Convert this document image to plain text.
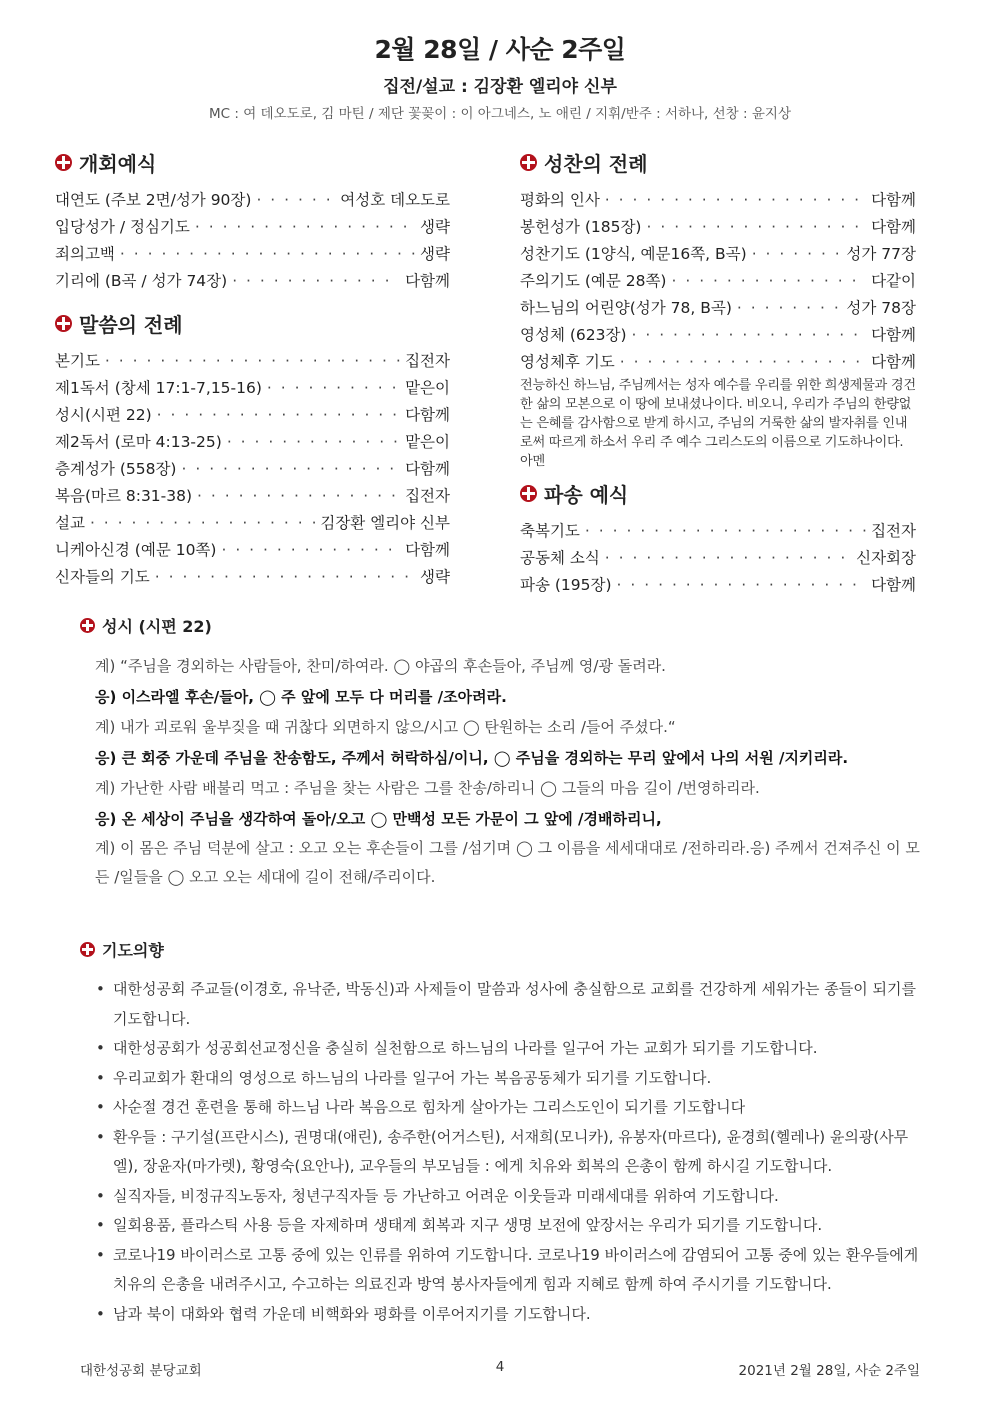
2월 28일 / 사순 2주일
집전/설교 : 김장환 엘리야 신부
MC : 여 데오도로, 김 마틴 / 제단 꽃꽂이 : 이 아그네스, 노 애린 / 지휘/반주 : 서하나, 선창 : 윤지상
개회예식
대연도 (주보 2면/성가 90장) · · ·	여성호 데오도로
입당성가 / 정심기도 · · ·	생략
죄의고백 · · ·	생략
기리에 (B곡 / 성가 74장) · · ·	다함께
말씀의 전례
본기도 · · ·	집전자
제1독서 (창세 17:1-7,15-16) · · ·	맡은이
성시(시편 22) · · ·	다함께
제2독서 (로마 4:13-25) · · ·	맡은이
층계성가 (558장) · · ·	다함께
복음(마르 8:31-38) · · ·	집전자
설교 · · ·	김장환 엘리야 신부
니케아신경 (예문 10쪽) · · ·	다함께
신자들의 기도 · · ·	생략
성찬의 전례
평화의 인사 · · ·	다함께
봉헌성가 (185장) · · ·	다함께
성찬기도 (1양식, 예문16쪽, B곡) · · ·	성가 77장
주의기도 (예문 28쪽) · · ·	다같이
하느님의 어린양(성가 78, B곡) · · ·	성가 78장
영성체 (623장) · · ·	다함께
영성체후 기도 · · ·	다함께

전능하신 하느님, 주님께서는 성자 예수를 우리를 위한 희생제물과 경건한 삶의 모본으로 이 땅에 보내셨나이다. 비오니, 우리가 주님의 한량없는 은혜를 감사함으로 받게 하시고, 주님의 거룩한 삶의 발자취를 인내로써 따르게 하소서 우리 주 예수 그리스도의 이름으로 기도하나이다. 아멘

파송 예식
축복기도 · · ·	집전자
공동체 소식 · · ·	신자회장
파송 (195장) · · ·	다함께
성시 (시편 22)
계) “주님을 경외하는 사람들아, 찬미/하여라. ◯ 야곱의 후손들아, 주님께 영/광 돌려라.
응) 이스라엘 후손/들아, ◯ 주 앞에 모두 다 머리를 /조아려라.
계) 내가 괴로워 울부짖을 때 귀찮다 외면하지 않으/시고 ◯ 탄원하는 소리 /들어 주셨다.“
응) 큰 회중 가운데 주님을 찬송함도, 주께서 허락하심/이니, ◯ 주님을 경외하는 무리 앞에서 나의 서원 /지키리라.
계) 가난한 사람 배불리 먹고 : 주님을 찾는 사람은 그를 찬송/하리니 ◯ 그들의 마음 길이 /번영하리라.
응) 온 세상이 주님을 생각하여 돌아/오고 ◯ 만백성 모든 가문이 그 앞에 /경배하리니,
계) 이 몸은 주님 덕분에 살고 : 오고 오는 후손들이 그를 /섬기며 ◯ 그 이름을 세세대대로 /전하리라.응) 주께서 건져주신 이 모든 /일들을 ◯ 오고 오는 세대에 길이 전해/주리이다.
기도의향
• 대한성공회 주교들(이경호, 유낙준, 박동신)과 사제들이 말씀과 성사에 충실함으로 교회를 건강하게 세워가는 종들이 되기를 기도합니다.
• 대한성공회가 성공회선교정신을 충실히 실천함으로 하느님의 나라를 일구어 가는 교회가 되기를 기도합니다.
• 우리교회가 환대의 영성으로 하느님의 나라를 일구어 가는 복음공동체가 되기를 기도합니다.
• 사순절 경건 훈련을 통해 하느님 나라 복음으로 힘차게 살아가는 그리스도인이 되기를 기도합니다
• 환우들 : 구기설(프란시스), 권명대(애린), 송주한(어거스틴), 서재희(모니카), 유봉자(마르다), 윤경희(헬레나) 윤의광(사무엘), 장윤자(마가렛), 황영숙(요안나), 교우들의 부모님들 : 에게 치유와 회복의 은총이 함께 하시길 기도합니다.
• 실직자들, 비정규직노동자, 청년구직자들 등 가난하고 어려운 이웃들과 미래세대를 위하여 기도합니다.
• 일회용품, 플라스틱 사용 등을 자제하며 생태계 회복과 지구 생명 보전에 앞장서는 우리가 되기를 기도합니다.
• 코로나19 바이러스로 고통 중에 있는 인류를 위하여 기도합니다. 코로나19 바이러스에 감염되어 고통 중에 있는 환우들에게 치유의 은총을 내려주시고, 수고하는 의료진과 방역 봉사자들에게 힘과 지혜로 함께 하여 주시기를 기도합니다.
• 남과 북이 대화와 협력 가운데 비핵화와 평화를 이루어지기를 기도합니다.
대한성공회 분당교회	4	2021년 2월 28일, 사순 2주일
